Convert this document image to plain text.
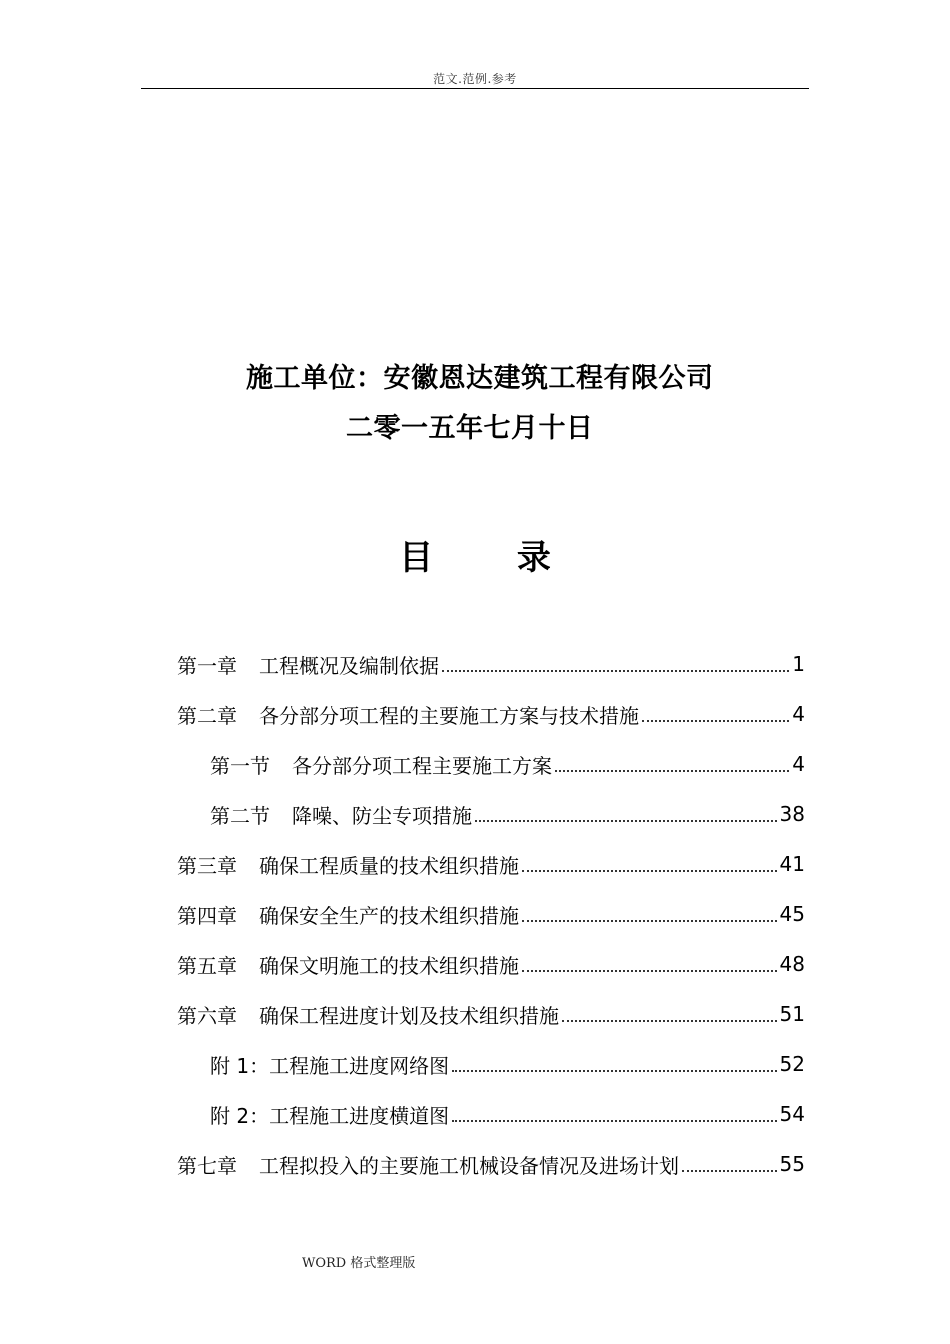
范文.范例.参考
施工单位：安徽恩达建筑工程有限公司
二零一五年七月十日
目 录
第一章 工程概况及编制依据	1
第二章 各分部分项工程的主要施工方案与技术措施	4
第一节 各分部分项工程主要施工方案	4
第二节 降噪、防尘专项措施	38
第三章 确保工程质量的技术组织措施	41
第四章 确保安全生产的技术组织措施	45
第五章 确保文明施工的技术组织措施	48
第六章 确保工程进度计划及技术组织措施	51
附 1： 工程施工进度网络图	52
附 2： 工程施工进度横道图	54
第七章 工程拟投入的主要施工机械设备情况及进场计划	55
WORD 格式整理版
